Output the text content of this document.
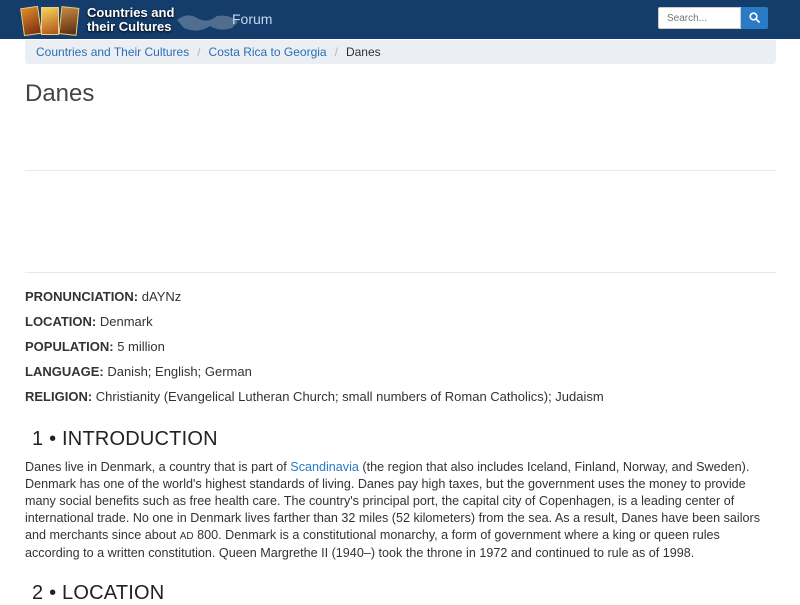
Countries and
their Cultures	Forum
Search...
Countries and Their Cultures / Costa Rica to Georgia / Danes
Danes
PRONUNCIATION: dAYNz
LOCATION: Denmark
POPULATION: 5 million
LANGUAGE: Danish; English; German
RELIGION: Christianity (Evangelical Lutheran Church; small numbers of Roman Catholics); Judaism
1 • INTRODUCTION

Danes live in Denmark, a country that is part of Scandinavia (the region that also includes Iceland, Finland, Norway, and Sweden). Denmark has one of the world's highest standards of living. Danes pay high taxes, but the government uses the money to provide many social benefits such as free health care. The country's principal port, the capital city of Copenhagen, is a leading center of international trade. No one in Denmark lives farther than 32 miles (52 kilometers) from the sea. As a result, Danes have been sailors and merchants since about AD 800. Denmark is a constitutional monarchy, a form of government where a king or queen rules according to a written constitution. Queen Margrethe II (1940–) took the throne in 1972 and continued to rule as of 1998.

2 • LOCATION
